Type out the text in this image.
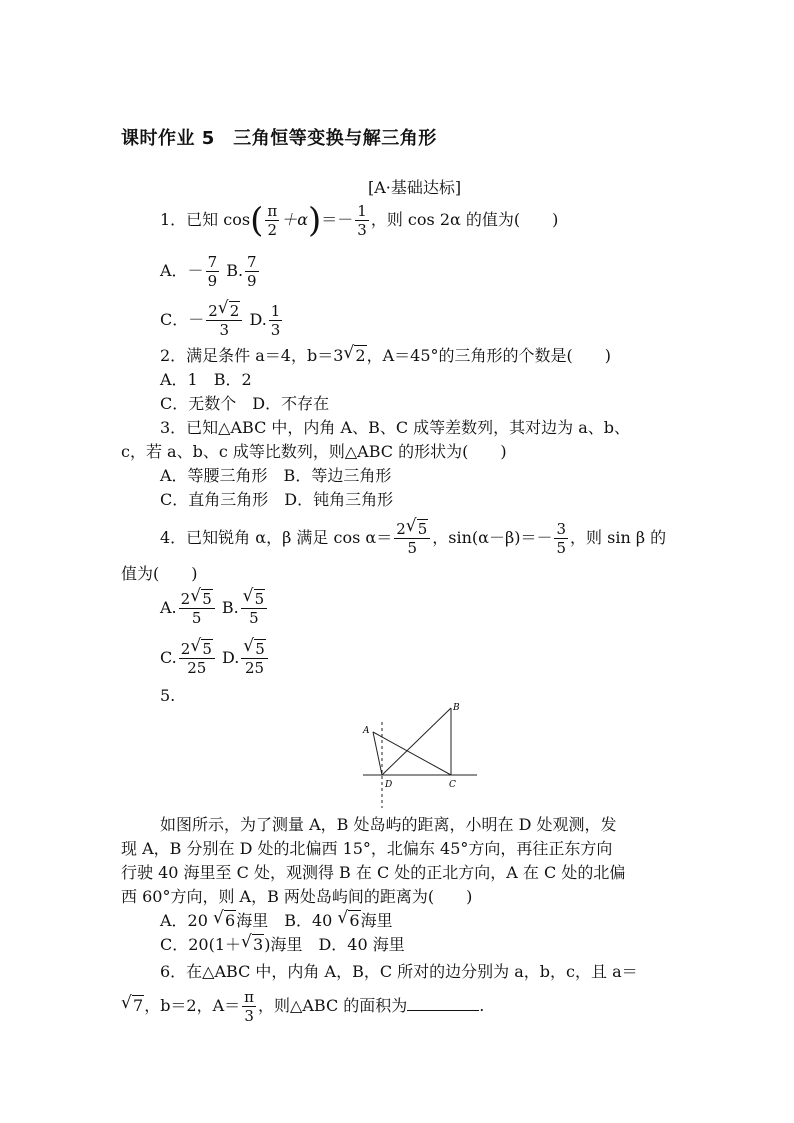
课时作业 5　三角恒等变换与解三角形
[A·基础达标]
1．已知 $\cos( \frac{\pi}{2} +\alpha)=- \frac{1}{3}$ ，则 cos 2α 的值为(　　)
A．－ $\frac{7}{9} B$. $\frac{7}{9}$
C．－ $\frac{2 √ 2}{3} D$. $\frac{1}{3}$
2．满足条件 a＝4，b＝3 √ 2，A＝45°的三角形的个数是(　　)
A．1　B．2
C．无数个　D．不存在
3．已知△ABC 中，内角 A、B、C 成等差数列，其对边为 a、b、
c，若 a、b、c 成等比数列，则△ABC 的形状为(　　)
A．等腰三角形　B．等边三角形
C．直角三角形　D．钝角三角形
4．已知锐角 α，β 满足 $\cos \alpha= \frac{2 √ 5}{5}$ ，$\sin(\alpha-\beta)=- \frac{3}{5}$ ，则 sin β 的
值为(　　)
A. $\frac{2 √ 5}{5} B$. $\frac{√ 5}{5}$
C. $\frac{2 √ 5}{25} D$. $\frac{√ 5}{25}$
5.
A
B
C
D
如图所示，为了测量 A，B 处岛屿的距离，小明在 D 处观测，发
现 A，B 分别在 D 处的北偏西 15°，北偏东 45°方向，再往正东方向
行驶 40 海里至 C 处，观测得 B 在 C 处的正北方向，A 在 C 处的北偏
西 60°方向，则 A，B 两处岛屿间的距离为(　　)
A．20 √ 6海里　B．40 √ 6海里
C．20(1＋ √ 3)海里　D．40 海里
6．在△ABC 中，内角 A，B，C 所对的边分别为 a，b，c，且 a＝
√ 7，b＝2，$A= \frac{\pi}{3}$ ，则△ABC 的面积为	.
